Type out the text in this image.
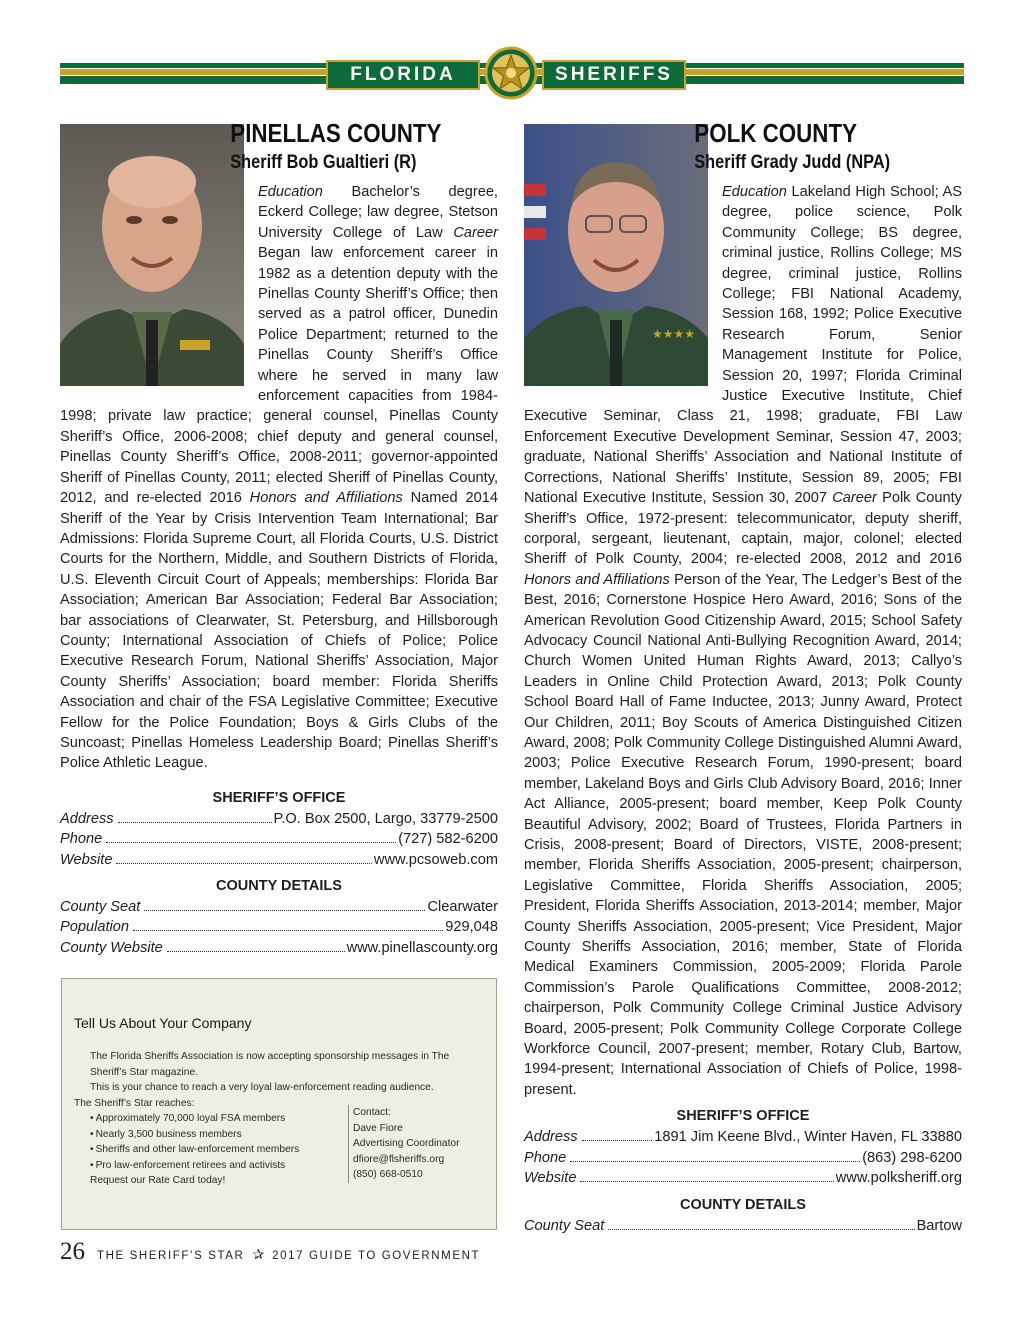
FLORIDA	SHERIFFS
PINELLAS COUNTY
Sheriff Bob Gualtieri (R)

Education Bachelor’s degree, Eckerd College; law degree, Stetson University College of Law Career Began law enforcement career in 1982 as a detention deputy with the Pinellas County Sheriff’s Office; then served as a patrol officer, Dunedin Police Department; returned to the Pinellas County Sheriff’s Office where he served in many law enforcement capacities from 1984-1998; private law practice; general counsel, Pinellas County Sheriff’s Office, 2006-2008; chief deputy and general counsel, Pinellas County Sheriff’s Office, 2008-2011; governor-appointed Sheriff of Pinellas County, 2011; elected Sheriff of Pinellas County, 2012, and re-elected 2016 Honors and Affiliations Named 2014 Sheriff of the Year by Crisis Intervention Team International; Bar Admissions: Florida Supreme Court, all Florida Courts, U.S. District Courts for the Northern, Middle, and Southern Districts of Florida, U.S. Eleventh Circuit Court of Appeals; memberships: Florida Bar Association; American Bar Association; Federal Bar Association; bar associations of Clearwater, St. Petersburg, and Hillsborough County; International Association of Chiefs of Police; Police Executive Research Forum, National Sheriffs’ Association, Major County Sheriffs’ Association; board member: Florida Sheriffs Association and chair of the FSA Legislative Committee; Executive Fellow for the Police Foundation; Boys & Girls Clubs of the Suncoast; Pinellas Homeless Leadership Board; Pinellas Sheriff’s Police Athletic League.

SHERIFF’S OFFICE
Address	P.O. Box 2500, Largo, 33779-2500
Phone	(727) 582-6200
Website	www.pcsoweb.com
COUNTY DETAILS
County Seat	Clearwater
Population	929,048
County Website	www.pinellascounty.org
Tell Us About Your Company

The Florida Sheriffs Association is now accepting sponsorship messages in The Sheriff’s Star magazine.

This is your chance to reach a very loyal law-enforcement reading audience.

The Sheriff’s Star reaches:

• Approximately 70,000 loyal FSA members
• Nearly 3,500 business members
• Sheriffs and other law-enforcement members
• Pro law-enforcement retirees and activists
Request our Rate Card today!
Contact:
Dave Fiore
Advertising Coordinator
dfiore@flsheriffs.org
(850) 668-0510
★★★★
POLK COUNTY
Sheriff Grady Judd (NPA)

Education Lakeland High School; AS degree, police science, Polk Community College; BS degree, criminal justice, Rollins College; MS degree, criminal justice, Rollins College; FBI National Academy, Session 168, 1992; Police Executive Research Forum, Senior Management Institute for Police, Session 20, 1997; Florida Criminal Justice Executive Institute, Chief Executive Seminar, Class 21, 1998; graduate, FBI Law Enforcement Executive Development Seminar, Session 47, 2003; graduate, National Sheriffs’ Association and National Institute of Corrections, National Sheriffs’ Institute, Session 89, 2005; FBI National Executive Institute, Session 30, 2007 Career Polk County Sheriff’s Office, 1972-present: telecommunicator, deputy sheriff, corporal, sergeant, lieutenant, captain, major, colonel; elected Sheriff of Polk County, 2004; re-elected 2008, 2012 and 2016 Honors and Affiliations Person of the Year, The Ledger’s Best of the Best, 2016; Cornerstone Hospice Hero Award, 2016; Sons of the American Revolution Good Citizenship Award, 2015; School Safety Advocacy Council National Anti-Bullying Recognition Award, 2014; Church Women United Human Rights Award, 2013; Callyo’s Leaders in Online Child Protection Award, 2013; Polk County School Board Hall of Fame Inductee, 2013; Junny Award, Protect Our Children, 2011; Boy Scouts of America Distinguished Citizen Award, 2008; Polk Community College Distinguished Alumni Award, 2003; Police Executive Research Forum, 1990-present; board member, Lakeland Boys and Girls Club Advisory Board, 2016; Inner Act Alliance, 2005-present; board member, Keep Polk County Beautiful Advisory, 2002; Board of Trustees, Florida Partners in Crisis, 2008-present; Board of Directors, VISTE, 2008-present; member, Florida Sheriffs Association, 2005-present; chairperson, Legislative Committee, Florida Sheriffs Association, 2005; President, Florida Sheriffs Association, 2013-2014; member, Major County Sheriffs Association, 2005-present; Vice President, Major County Sheriffs Association, 2016; member, State of Florida Medical Examiners Commission, 2005-2009; Florida Parole Commission’s Parole Qualifications Committee, 2008-2012; chairperson, Polk Community College Criminal Justice Advisory Board, 2005-present; Polk Community College Corporate College Workforce Council, 2007-present; member, Rotary Club, Bartow, 1994-present; International Association of Chiefs of Police, 1998-present.

SHERIFF’S OFFICE
Address	1891 Jim Keene Blvd., Winter Haven, FL 33880
Phone	(863) 298-6200
Website	www.polksheriff.org
COUNTY DETAILS
County Seat	Bartow
26 THE SHERIFF’S STAR ✰ 2017 GUIDE TO GOVERNMENT
